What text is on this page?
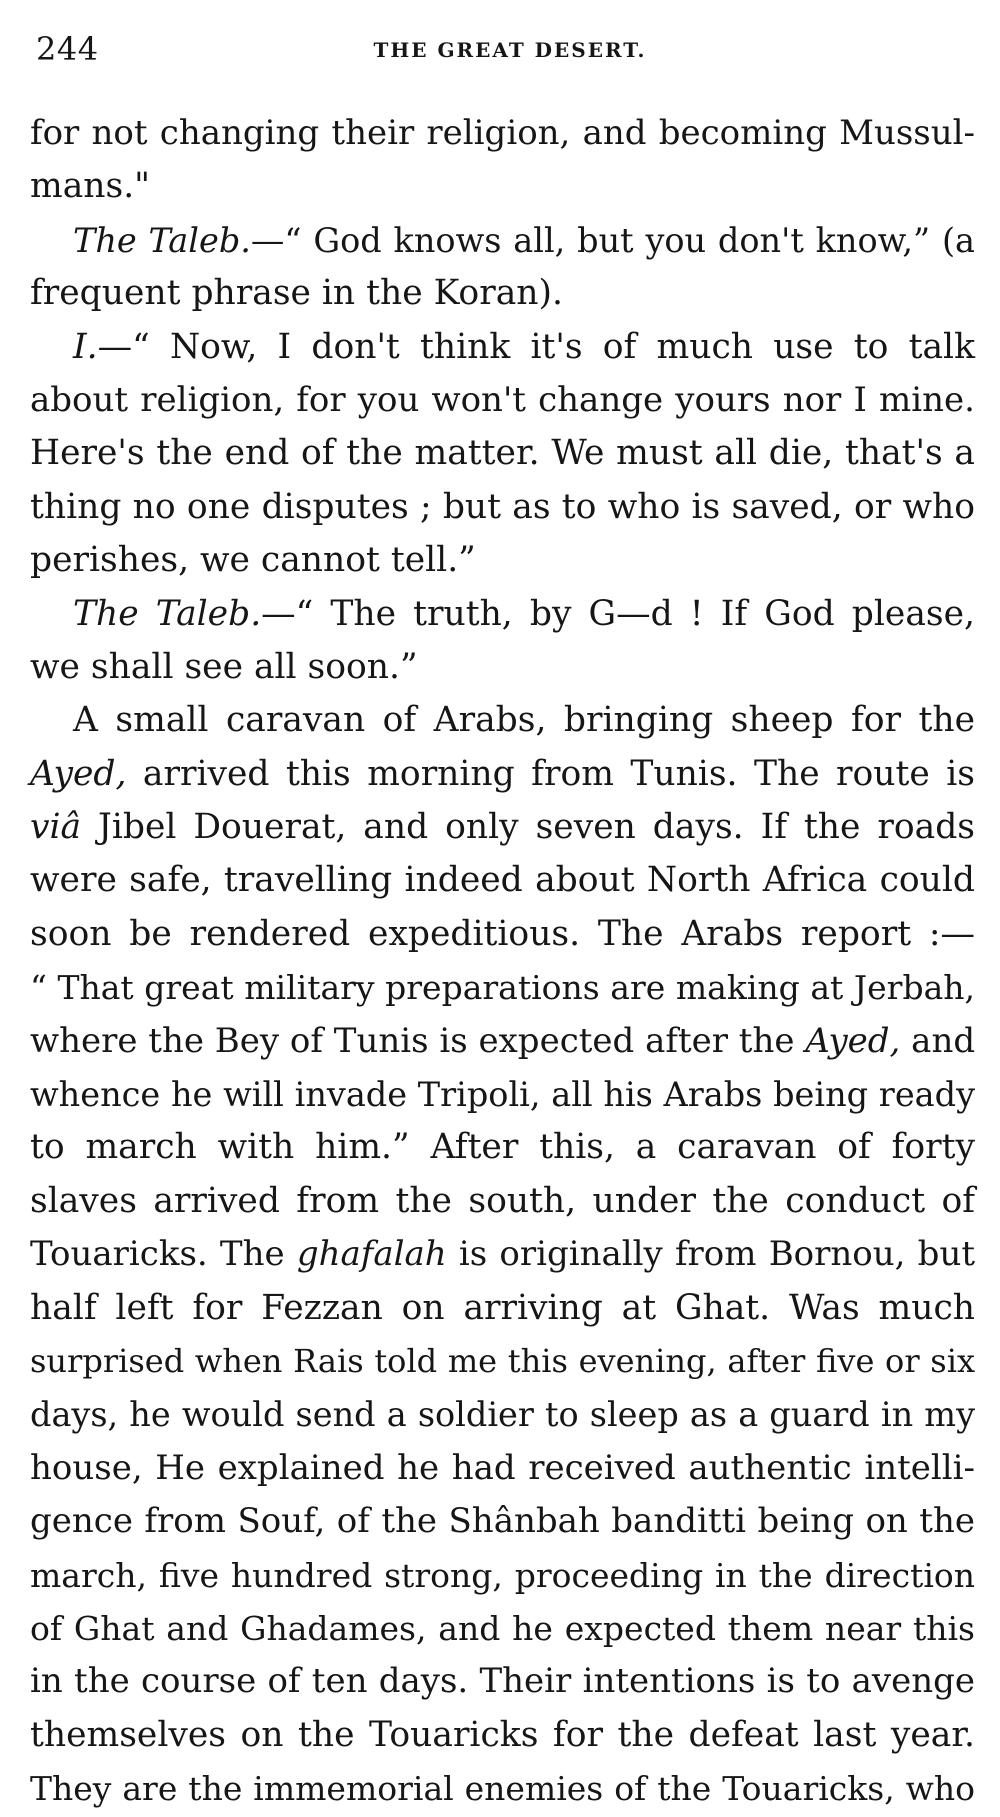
244	THE GREAT DESERT.
for not changing their religion, and becoming Mussul-
mans."
The Taleb.—“ God knows all, but you don't know,” (a
frequent phrase in the Koran).
I.—“ Now, I don't think it's of much use to talk
about religion, for you won't change yours nor I mine.
Here's the end of the matter. We must all die, that's a
thing no one disputes ; but as to who is saved, or who
perishes, we cannot tell.”
The Taleb.—“ The truth, by G—d ! If God please,
we shall see all soon.”
A small caravan of Arabs, bringing sheep for the
Ayed, arrived this morning from Tunis. The route is
viâ Jibel Douerat, and only seven days. If the roads
were safe, travelling indeed about North Africa could
soon be rendered expeditious. The Arabs report :—
“ That great military preparations are making at Jerbah,
where the Bey of Tunis is expected after the Ayed, and
whence he will invade Tripoli, all his Arabs being ready
to march with him.” After this, a caravan of forty
slaves arrived from the south, under the conduct of
Touaricks. The ghafalah is originally from Bornou, but
half left for Fezzan on arriving at Ghat. Was much
surprised when Rais told me this evening, after five or six
days, he would send a soldier to sleep as a guard in my
house, He explained he had received authentic intelli-
gence from Souf, of the Shânbah banditti being on the
march, five hundred strong, proceeding in the direction
of Ghat and Ghadames, and he expected them near this
in the course of ten days. Their intentions is to avenge
themselves on the Touaricks for the defeat last year.
They are the immemorial enemies of the Touaricks, who
